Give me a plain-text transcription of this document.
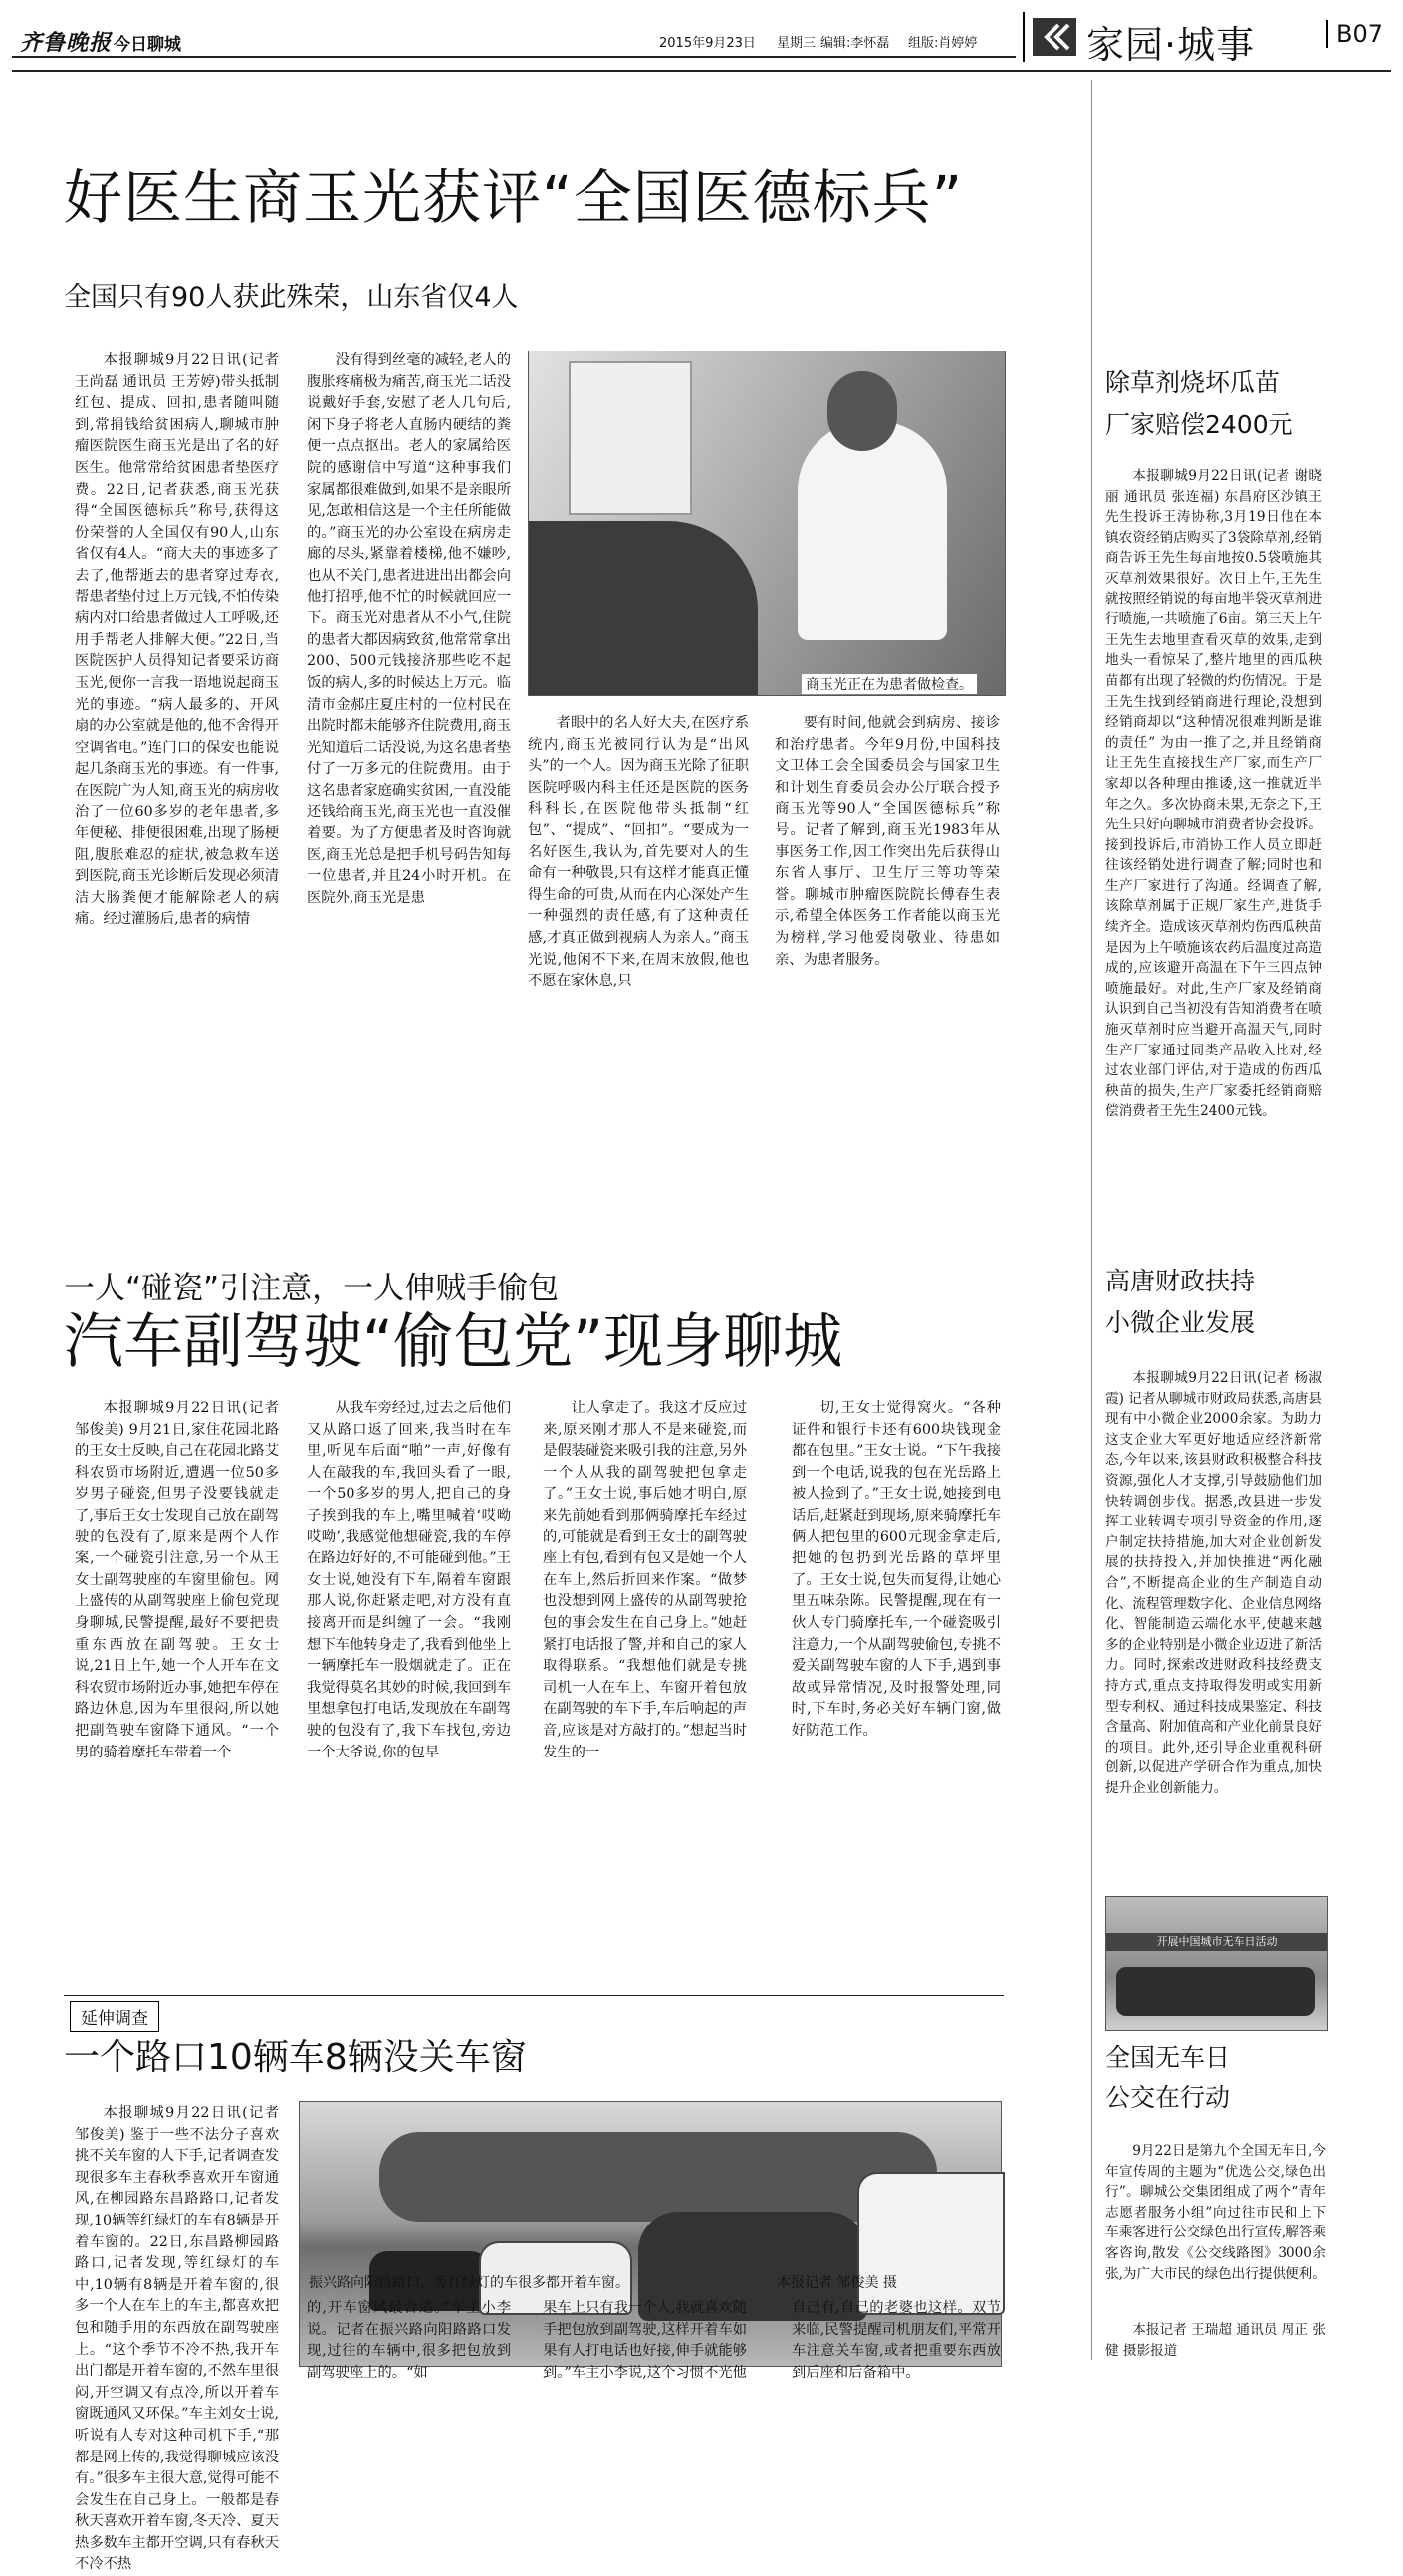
齐鲁晚报 今日聊城	2015年9月23日 星期三 编辑:李怀磊 组版:肖婷婷	家园·城事	B07
好医生商玉光获评“全国医德标兵”
全国只有90人获此殊荣，山东省仅4人

本报聊城9月22日讯(记者 王尚磊 通讯员 王芳婷)带头抵制红包、提成、回扣,患者随叫随到,常捐钱给贫困病人,聊城市肿瘤医院医生商玉光是出了名的好医生。他常常给贫困患者垫医疗费。22日,记者获悉,商玉光获得“全国医德标兵”称号,获得这份荣誉的人全国仅有90人,山东省仅有4人。“商大夫的事迹多了去了,他帮逝去的患者穿过寿衣,帮患者垫付过上万元钱,不怕传染病内对口给患者做过人工呼吸,还用手帮老人排解大便。”22日,当医院医护人员得知记者要采访商玉光,便你一言我一语地说起商玉光的事迹。“病人最多的、开风扇的办公室就是他的,他不舍得开空调省电。”连门口的保安也能说起几条商玉光的事迹。有一件事,在医院广为人知,商玉光的病房收治了一位60多岁的老年患者,多年便秘、排便很困难,出现了肠梗阻,腹胀难忍的症状,被急救车送到医院,商玉光诊断后发现必须清洁大肠粪便才能解除老人的病痛。经过灌肠后,患者的病情

没有得到丝毫的减轻,老人的腹胀疼痛极为痛苦,商玉光二话没说戴好手套,安慰了老人几句后,闲下身子将老人直肠内硬结的粪便一点点抠出。老人的家属给医院的感谢信中写道“这种事我们家属都很难做到,如果不是亲眼所见,怎敢相信这是一个主任所能做的。”商玉光的办公室设在病房走廊的尽头,紧靠着楼梯,他不嫌吵,也从不关门,患者进进出出都会向他打招呼,他不忙的时候就回应一下。商玉光对患者从不小气,住院的患者大都因病致贫,他常常拿出200、500元钱接济那些吃不起饭的病人,多的时候达上万元。临清市金郝庄夏庄村的一位村民在出院时都未能够齐住院费用,商玉光知道后二话没说,为这名患者垫付了一万多元的住院费用。由于这名患者家庭确实贫困,一直没能还钱给商玉光,商玉光也一直没催着要。为了方便患者及时咨询就医,商玉光总是把手机号码告知每一位患者,并且24小时开机。在医院外,商玉光是患

商玉光正在为患者做检查。

者眼中的名人好大夫,在医疗系统内,商玉光被同行认为是“出风头”的一个人。因为商玉光除了征职医院呼吸内科主任还是医院的医务科科长,在医院他带头抵制“红包”、“提成”、“回扣”。“要成为一名好医生,我认为,首先要对人的生命有一种敬畏,只有这样才能真正懂得生命的可贵,从而在内心深处产生一种强烈的责任感,有了这种责任感,才真正做到视病人为亲人。”商玉光说,他闲不下来,在周末放假,他也不愿在家休息,只

要有时间,他就会到病房、接诊和治疗患者。今年9月份,中国科技文卫体工会全国委员会与国家卫生和计划生育委员会办公厅联合授予商玉光等90人“全国医德标兵”称号。记者了解到,商玉光1983年从事医务工作,因工作突出先后获得山东省人事厅、卫生厅三等功等荣誉。聊城市肿瘤医院院长傅春生表示,希望全体医务工作者能以商玉光为榜样,学习他爱岗敬业、待患如亲、为患者服务。

一人“碰瓷”引注意，一人伸贼手偷包
汽车副驾驶“偷包党”现身聊城

本报聊城9月22日讯(记者 邹俊美) 9月21日,家住花园北路的王女士反映,自己在花园北路艾科农贸市场附近,遭遇一位50多岁男子碰瓷,但男子没要钱就走了,事后王女士发现自己放在副驾驶的包没有了,原来是两个人作案,一个碰瓷引注意,另一个从王女士副驾驶座的车窗里偷包。网上盛传的从副驾驶座上偷包党现身聊城,民警提醒,最好不要把贵重东西放在副驾驶。王女士说,21日上午,她一个人开车在文科农贸市场附近办事,她把车停在路边休息,因为车里很闷,所以她把副驾驶车窗降下通风。“一个男的骑着摩托车带着一个

从我车旁经过,过去之后他们又从路口返了回来,我当时在车里,听见车后面“啪”一声,好像有人在敲我的车,我回头看了一眼,一个50多岁的男人,把自己的身子挨到我的车上,嘴里喊着‘哎呦哎呦’,我感觉他想碰瓷,我的车停在路边好好的,不可能碰到他。”王女士说,她没有下车,隔着车窗跟那人说,你赶紧走吧,对方没有直接离开而是纠缠了一会。“我刚想下车他转身走了,我看到他坐上一辆摩托车一股烟就走了。正在我觉得莫名其妙的时候,我回到车里想拿包打电话,发现放在车副驾驶的包没有了,我下车找包,旁边一个大爷说,你的包早

让人拿走了。我这才反应过来,原来刚才那人不是来碰瓷,而是假装碰瓷来吸引我的注意,另外一个人从我的副驾驶把包拿走了。”王女士说,事后她才明白,原来先前她看到那俩骑摩托车经过的,可能就是看到王女士的副驾驶座上有包,看到有包又是她一个人在车上,然后折回来作案。“做梦也没想到网上盛传的从副驾驶抢包的事会发生在自己身上。”她赶紧打电话报了警,并和自己的家人取得联系。“我想他们就是专挑司机一人在车上、车窗开着包放在副驾驶的车下手,车后响起的声音,应该是对方敲打的。”想起当时发生的一

切,王女士觉得窝火。“各种证件和银行卡还有600块钱现金都在包里。”王女士说。“下午我接到一个电话,说我的包在光岳路上被人捡到了。”王女士说,她接到电话后,赶紧赶到现场,原来骑摩托车俩人把包里的600元现金拿走后,把她的包扔到光岳路的草坪里了。王女士说,包失而复得,让她心里五味杂陈。民警提醒,现在有一伙人专门骑摩托车,一个碰瓷吸引注意力,一个从副驾驶偷包,专挑不爱关副驾驶车窗的人下手,遇到事故或异常情况,及时报警处理,同时,下车时,务必关好车辆门窗,做好防范工作。

延伸调查
一个路口10辆车8辆没关车窗

本报聊城9月22日讯(记者 邹俊美) 鉴于一些不法分子喜欢挑不关车窗的人下手,记者调查发现很多车主春秋季喜欢开车窗通风,在柳园路东昌路路口,记者发现,10辆等红绿灯的车有8辆是开着车窗的。22日,东昌路柳园路路口,记者发现,等红绿灯的车中,10辆有8辆是开着车窗的,很多一个人在车上的车主,都喜欢把包和随手用的东西放在副驾驶座上。“这个季节不冷不热,我开车出门都是开着车窗的,不然车里很闷,开空调又有点冷,所以开着车窗既通风又环保。”车主刘女士说,听说有人专对这种司机下手,“那都是网上传的,我觉得聊城应该没有。”很多车主很大意,觉得可能不会发生在自己身上。一般都是春秋天喜欢开着车窗,冬天冷、夏天热多数车主都开空调,只有春秋天不冷不热

振兴路向阳路路口，等红绿灯的车很多都开着车窗。	本报记者 邹俊美 摄

的,开车窗风最合适。”车主小李说。记者在振兴路向阳路路口发现,过往的车辆中,很多把包放到副驾驶座上的。“如

果车上只有我一个人,我就喜欢随手把包放到副驾驶,这样开着车如果有人打电话也好接,伸手就能够到。”车主小李说,这个习惯不光他

自己有,自己的老婆也这样。双节来临,民警提醒司机朋友们,平常开车注意关车窗,或者把重要东西放到后座和后备箱中。

除草剂烧坏瓜苗
厂家赔偿2400元

本报聊城9月22日讯(记者 谢晓丽 通讯员 张连福) 东昌府区沙镇王先生投诉王涛协称,3月19日他在本镇农资经销店购买了3袋除草剂,经销商告诉王先生每亩地按0.5袋喷施其灭草剂效果很好。次日上午,王先生就按照经销说的每亩地半袋灭草剂进行喷施,一共喷施了6亩。第三天上午王先生去地里查看灭草的效果,走到地头一看惊呆了,整片地里的西瓜秧苗都有出现了轻微的灼伤情况。于是王先生找到经销商进行理论,没想到经销商却以“这种情况很难判断是谁的责任” 为由一推了之,并且经销商让王先生直接找生产厂家,而生产厂家却以各种理由推诿,这一推就近半年之久。多次协商未果,无奈之下,王先生只好向聊城市消费者协会投诉。接到投诉后,市消协工作人员立即赶往该经销处进行调查了解;同时也和生产厂家进行了沟通。经调查了解,该除草剂属于正规厂家生产,进货手续齐全。造成该灭草剂灼伤西瓜秧苗是因为上午喷施该农药后温度过高造成的,应该避开高温在下午三四点钟喷施最好。对此,生产厂家及经销商认识到自己当初没有告知消费者在喷施灭草剂时应当避开高温天气,同时生产厂家通过同类产品收入比对,经过农业部门评估,对于造成的伤西瓜秧苗的损失,生产厂家委托经销商赔偿消费者王先生2400元钱。

高唐财政扶持
小微企业发展

本报聊城9月22日讯(记者 杨淑霞) 记者从聊城市财政局获悉,高唐县现有中小微企业2000余家。为助力这支企业大军更好地适应经济新常态,今年以来,该县财政积极整合科技资源,强化人才支撑,引导鼓励他们加快转调创步伐。据悉,改县进一步发挥工业转调专项引导资金的作用,逐户制定扶持措施,加大对企业创新发展的扶持投入,并加快推进“两化融合”,不断提高企业的生产制造自动化、流程管理数字化、企业信息网络化、智能制造云端化水平,使越来越多的企业特别是小微企业迈进了新活力。同时,探索改进财政科技经费支持方式,重点支持取得发明或实用新型专利权、通过科技成果鉴定、科技含量高、附加值高和产业化前景良好的项目。此外,还引导企业重视科研创新,以促进产学研合作为重点,加快提升企业创新能力。

开展中国城市无车日活动
全国无车日
公交在行动

9月22日是第九个全国无车日,今年宣传周的主题为“优选公交,绿色出行”。聊城公交集团组成了两个“青年志愿者服务小组”向过往市民和上下车乘客进行公交绿色出行宣传,解答乘客咨询,散发《公交线路图》3000余张,为广大市民的绿色出行提供便利。

本报记者 王瑞超 通讯员 周正 张健 摄影报道
